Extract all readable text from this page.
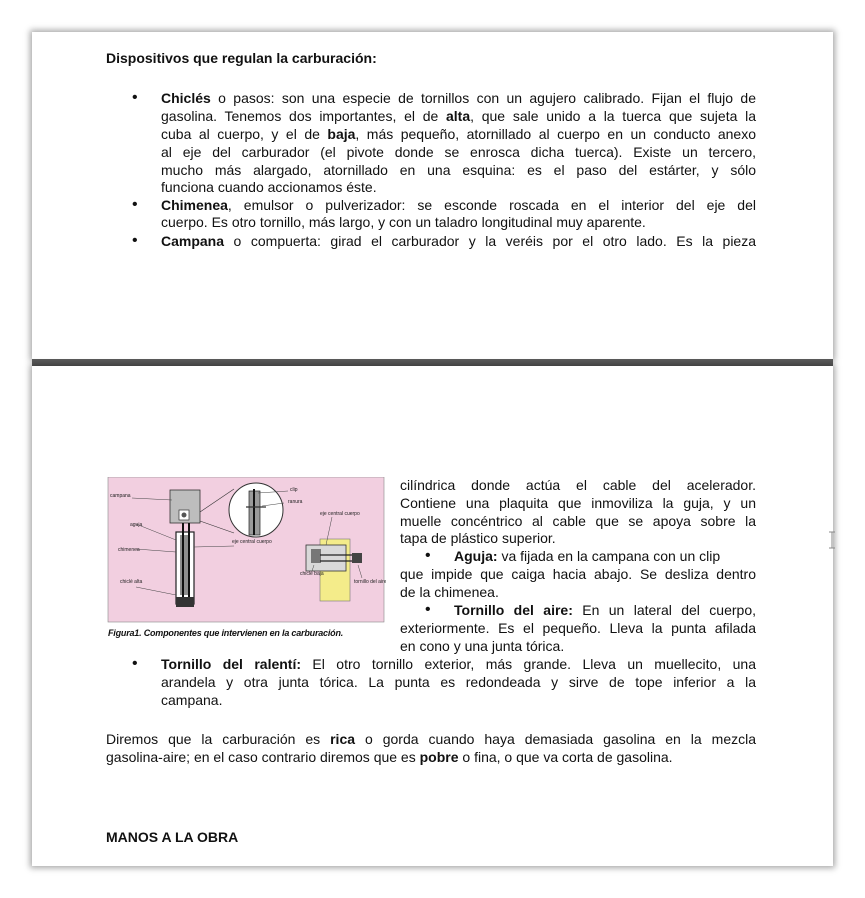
Dispositivos que regulan la carburación:
• Chiclés o pasos: son una especie de tornillos con un agujero calibrado. Fijan el flujo de
gasolina. Tenemos dos importantes, el de alta, que sale unido a la tuerca que sujeta la
cuba al cuerpo, y el de baja, más pequeño, atornillado al cuerpo en un conducto anexo
al eje del carburador (el pivote donde se enrosca dicha tuerca). Existe un tercero,
mucho más alargado, atornillado en una esquina: es el paso del estárter, y sólo
funciona cuando accionamos éste.
• Chimenea, emulsor o pulverizador: se esconde roscada en el interior del eje del
cuerpo. Es otro tornillo, más largo, y con un taladro longitudinal muy aparente.
• Campana o compuerta: girad el carburador y la veréis por el otro lado. Es la pieza
campana
aguja
chimenea
chiclé alta
clip
ranura
eje central cuerpo
eje central cuerpo
chiclé baja
tornillo del aire
Figura1. Componentes que intervienen en la carburación.
cilíndrica donde actúa el cable del acelerador.
Contiene una plaquita que inmoviliza la guja, y un
muelle concéntrico al cable que se apoya sobre la
tapa de plástico superior.
• Aguja: va fijada en la campana con un clip
que impide que caiga hacia abajo. Se desliza dentro
de la chimenea.
• Tornillo del aire: En un lateral del cuerpo,
exteriormente. Es el pequeño. Lleva la punta afilada
en cono y una junta tórica.
• Tornillo del ralentí: El otro tornillo exterior, más grande. Lleva un muellecito, una
arandela y otra junta tórica. La punta es redondeada y sirve de tope inferior a la
campana.
Diremos que la carburación es rica o gorda cuando haya demasiada gasolina en la mezcla
gasolina-aire; en el caso contrario diremos que es pobre o fina, o que va corta de gasolina.
MANOS A LA OBRA
